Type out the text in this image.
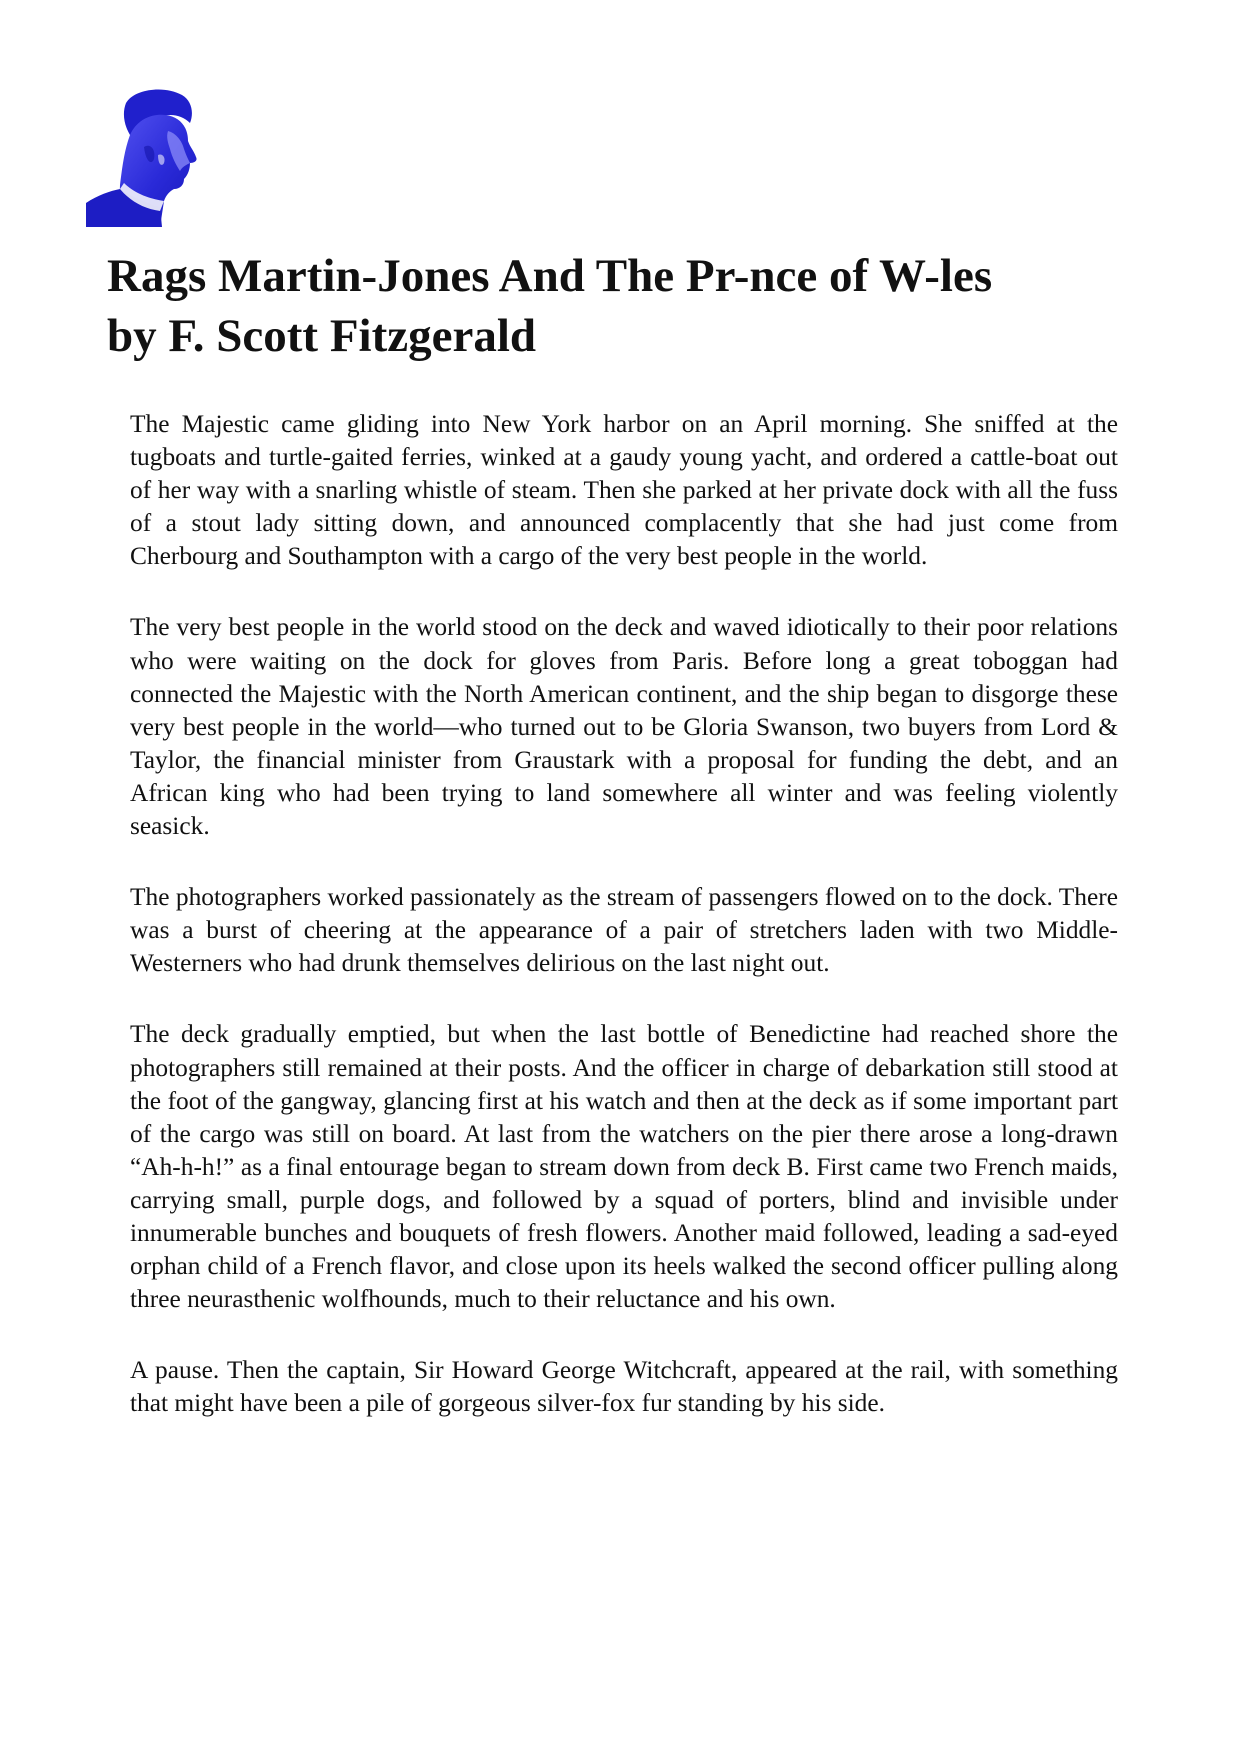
Rags Martin-Jones And The Pr-nce of W-les
by F. Scott Fitzgerald

The Majestic came gliding into New York harbor on an April morning. She sniffed at the tugboats and turtle-gaited ferries, winked at a gaudy young yacht, and ordered a cattle-boat out of her way with a snarling whistle of steam. Then she parked at her private dock with all the fuss of a stout lady sitting down, and announced complacently that she had just come from Cherbourg and Southampton with a cargo of the very best people in the world.

The very best people in the world stood on the deck and waved idiotically to their poor relations who were waiting on the dock for gloves from Paris. Before long a great toboggan had connected the Majestic with the North American continent, and the ship began to disgorge these very best people in the world—who turned out to be Gloria Swanson, two buyers from Lord & Taylor, the financial minister from Graustark with a proposal for funding the debt, and an African king who had been trying to land somewhere all winter and was feeling violently seasick.

The photographers worked passionately as the stream of passengers flowed on to the dock. There was a burst of cheering at the appearance of a pair of stretchers laden with two Middle-Westerners who had drunk themselves delirious on the last night out.

The deck gradually emptied, but when the last bottle of Benedictine had reached shore the photographers still remained at their posts. And the officer in charge of debarkation still stood at the foot of the gangway, glancing first at his watch and then at the deck as if some important part of the cargo was still on board. At last from the watchers on the pier there arose a long-drawn “Ah-h-h!” as a final entourage began to stream down from deck B. First came two French maids, carrying small, purple dogs, and followed by a squad of porters, blind and invisible under innumerable bunches and bouquets of fresh flowers. Another maid followed, leading a sad-eyed orphan child of a French flavor, and close upon its heels walked the second officer pulling along three neurasthenic wolfhounds, much to their reluctance and his own.

A pause. Then the captain, Sir Howard George Witchcraft, appeared at the rail, with something that might have been a pile of gorgeous silver-fox fur standing by his side.
